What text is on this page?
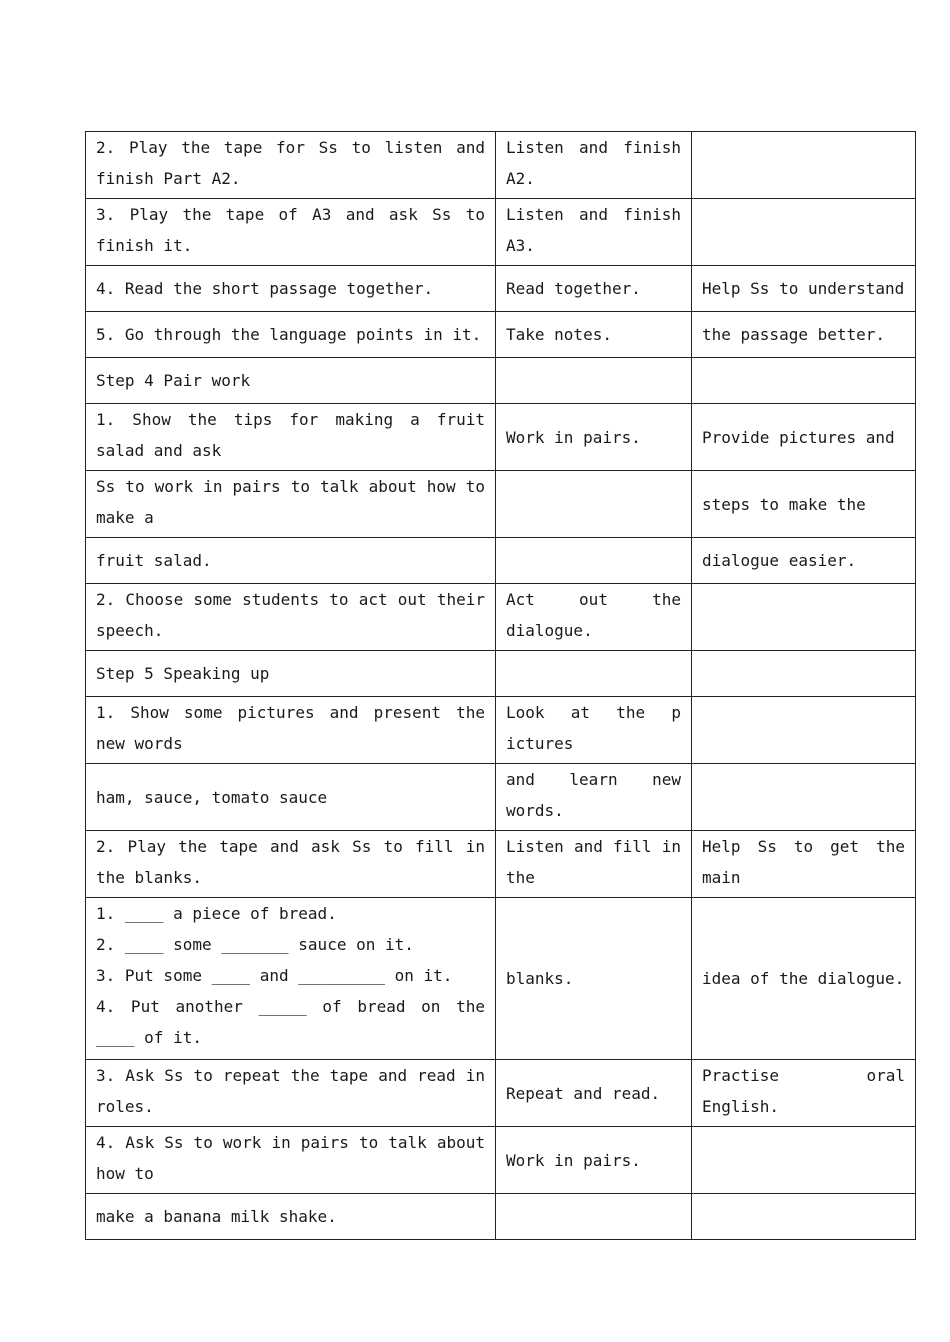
2. Play the tape for Ss to listen and
finish Part A2.	Listen and finish
A2.	

3. Play the tape of A3 and ask Ss to
finish it.	Listen and finish
A3.	

4. Read the short passage together.	Read together.	Help Ss to understand

5. Go through the language points in it.	Take notes.	the passage better.

Step 4 Pair work		

1. Show the tips for making a fruit
salad and ask	Work in pairs.	Provide pictures and

Ss to work in pairs to talk about how to
make a		steps to make the

fruit salad.		dialogue easier.

2. Choose some students to act out their
speech.	Act out the
dialogue.	

Step 5 Speaking up		

1. Show some pictures and present the
new words	Look at the p
ictures	

ham, sauce, tomato sauce	and learn new
words.	

2. Play the tape and ask Ss to fill in
the blanks.	Listen and fill in
the	Help Ss to get the
main

1. ____ a piece of bread.
2. ____ some _______ sauce on it.
3. Put some ____ and _________ on it.
4. Put another _____ of bread on the
____ of it.	blanks.	idea of the dialogue.

3. Ask Ss to repeat the tape and read in
roles.	Repeat and read.	Practise oral
English.

4. Ask Ss to work in pairs to talk about
how to	Work in pairs.	

make a banana milk shake.		
